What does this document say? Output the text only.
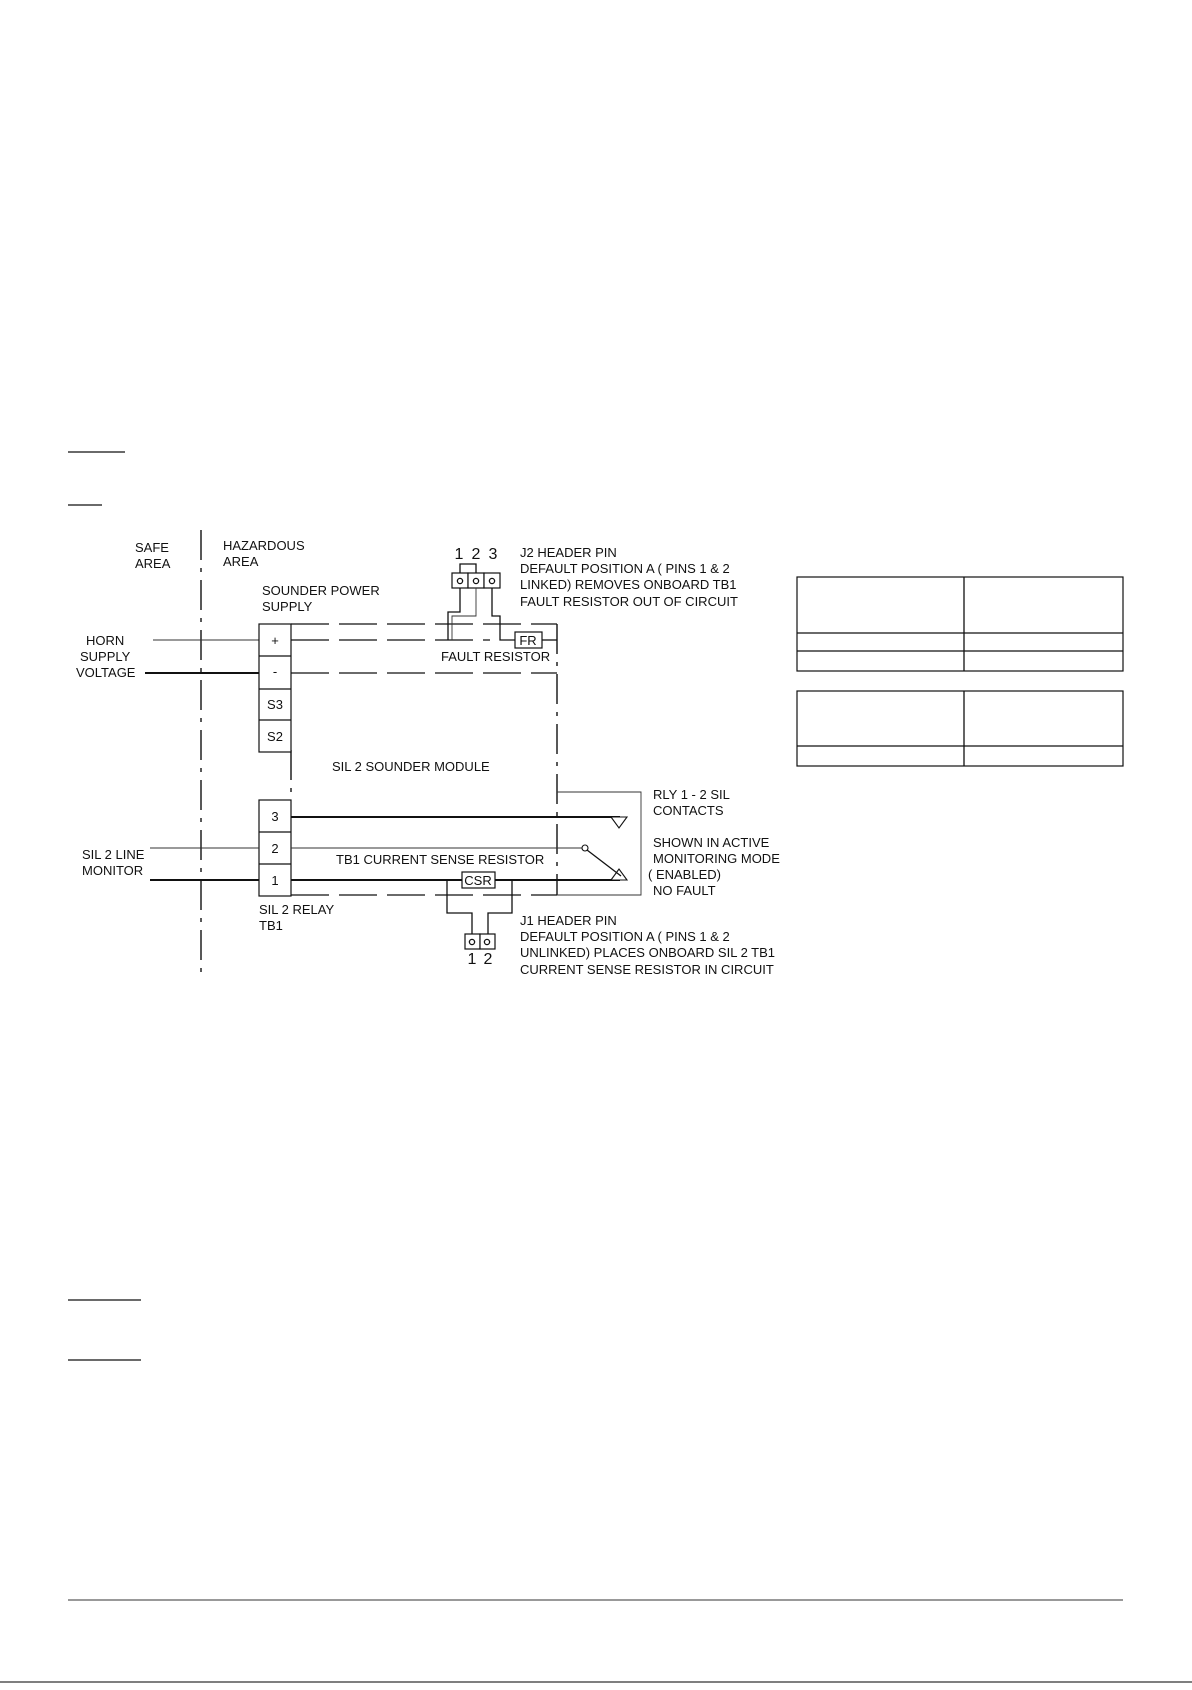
SAFE
AREA
HAZARDOUS
AREA
SOUNDER POWER
SUPPLY
HORN
SUPPLY
VOLTAGE
+
-
S3
S2
1 2 3
FR
FAULT RESISTOR
J2 HEADER PIN
DEFAULT POSITION A ( PINS 1 & 2
LINKED) REMOVES ONBOARD TB1
FAULT RESISTOR OUT OF CIRCUIT
SIL 2 SOUNDER MODULE
3
2
1
SIL 2 LINE
MONITOR
TB1 CURRENT SENSE RESISTOR
RLY 1 - 2 SIL
CONTACTS
SHOWN IN ACTIVE
MONITORING MODE
( ENABLED)
NO FAULT
CSR
1 2
SIL 2 RELAY
TB1	J1 HEADER PIN
DEFAULT POSITION A ( PINS 1 & 2
UNLINKED) PLACES ONBOARD SIL 2 TB1
CURRENT SENSE RESISTOR IN CIRCUIT
